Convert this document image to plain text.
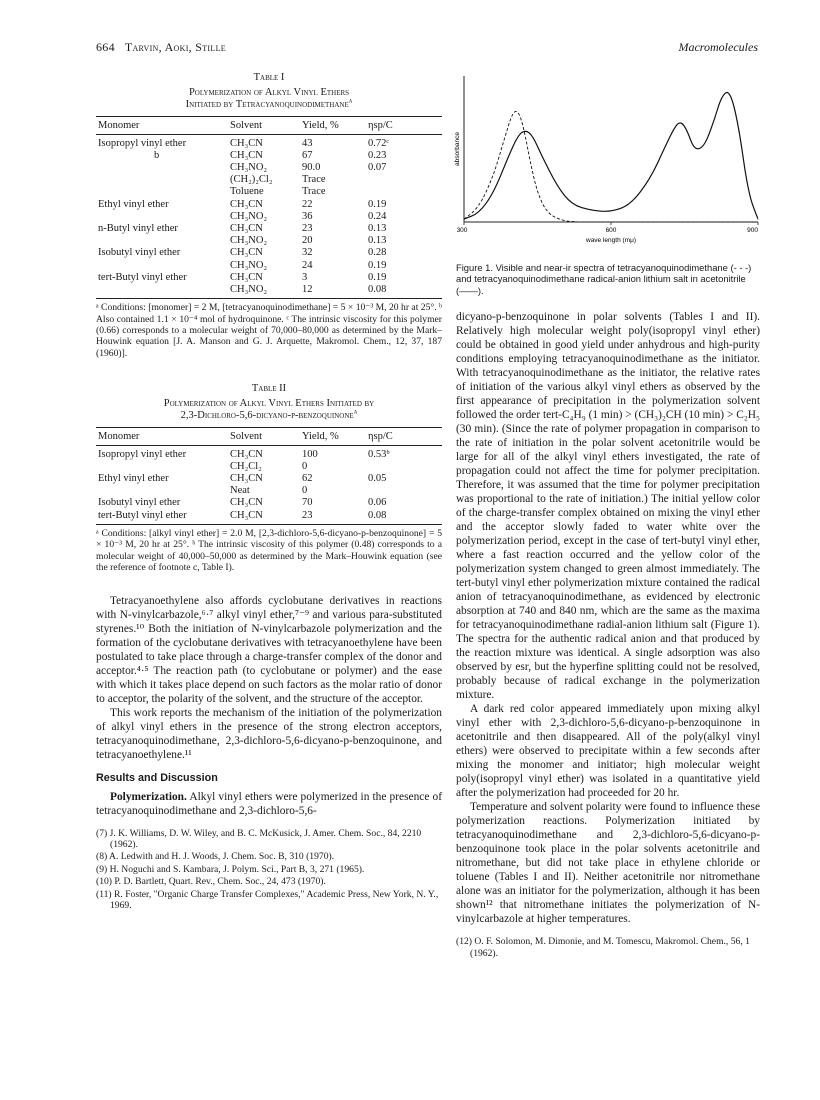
664 Tarvin, Aoki, Stille	Macromolecules
Table I
Polymerization of Alkyl Vinyl Ethers
Initiated by Tetracyanoquinodimethane$^a$
Monomer	Solvent	Yield, %	ηsp/C
Isopropyl vinyl ether	CH₃CN	43	0.72ᶜ
b	CH₃CN	67	0.23
	CH₃NO₂	90.0	0.07
	(CH₂)₂Cl₂	Trace	
	Toluene	Trace	
Ethyl vinyl ether	CH₃CN	22	0.19
	CH₃NO₂	36	0.24
n-Butyl vinyl ether	CH₃CN	23	0.13
	CH₃NO₂	20	0.13
Isobutyl vinyl ether	CH₃CN	32	0.28
	CH₃NO₂	24	0.19
tert-Butyl vinyl ether	CH₃CN	3	0.19
	CH₃NO₂	12	0.08
ᵃ Conditions: [monomer] = 2 M, [tetracyanoquinodimethane] = 5 × 10⁻³ M, 20 hr at 25°. ᵇ Also contained 1.1 × 10⁻⁴ mol of hydroquinone. ᶜ The intrinsic viscosity for this polymer (0.66) corresponds to a molecular weight of 70,000–80,000 as determined by the Mark–Houwink equation [J. A. Manson and G. J. Arquette, Makromol. Chem., 12, 37, 187 (1960)].
Table II
Polymerization of Alkyl Vinyl Ethers Initiated by
2,3-Dichloro-5,6-dicyano-p-benzoquinone$^a$
Monomer	Solvent	Yield, %	ηsp/C
Isopropyl vinyl ether	CH₃CN	100	0.53ᵇ
	CH₂Cl₂	0	
Ethyl vinyl ether	CH₃CN	62	0.05
	Neat	0	
Isobutyl vinyl ether	CH₃CN	70	0.06
tert-Butyl vinyl ether	CH₃CN	23	0.08
ᵃ Conditions: [alkyl vinyl ether] = 2.0 M, [2,3-dichloro-5,6-dicyano-p-benzoquinone] = 5 × 10⁻³ M, 20 hr at 25°. ᵇ The intrinsic viscosity of this polymer (0.48) corresponds to a molecular weight of 40,000–50,000 as determined by the Mark–Houwink equation (see the reference of footnote c, Table I).

Tetracyanoethylene also affords cyclobutane derivatives in reactions with N-vinylcarbazole,⁶·⁷ alkyl vinyl ether,⁷⁻⁹ and various para-substituted styrenes.¹⁰ Both the initiation of N-vinylcarbazole polymerization and the formation of the cyclobutane derivatives with tetracyanoethylene have been postulated to take place through a charge-transfer complex of the donor and acceptor.⁴·⁵ The reaction path (to cyclobutane or polymer) and the ease with which it takes place depend on such factors as the molar ratio of donor to acceptor, the polarity of the solvent, and the structure of the acceptor.

This work reports the mechanism of the initiation of the polymerization of alkyl vinyl ethers in the presence of the strong electron acceptors, tetracyanoquinodimethane, 2,3-dichloro-5,6-dicyano-p-benzoquinone, and tetracyanoethylene.¹¹

Results and Discussion

Polymerization. Alkyl vinyl ethers were polymerized in the presence of tetracyanoquinodimethane and 2,3-dichloro-5,6-

(7) J. K. Williams, D. W. Wiley, and B. C. McKusick, J. Amer. Chem. Soc., 84, 2210 (1962).
(8) A. Ledwith and H. J. Woods, J. Chem. Soc. B, 310 (1970).
(9) H. Noguchi and S. Kambara, J. Polym. Sci., Part B, 3, 271 (1965).
(10) P. D. Bartlett, Quart. Rev., Chem. Soc., 24, 473 (1970).
(11) R. Foster, "Organic Charge Transfer Complexes," Academic Press, New York, N. Y., 1969.
absorbance
wave length (mμ)
300	600	900
Figure 1. Visible and near-ir spectra of tetracyanoquinodimethane (- - -) and tetracyanoquinodimethane radical-anion lithium salt in acetonitrile (——).

dicyano-p-benzoquinone in polar solvents (Tables I and II). Relatively high molecular weight poly(isopropyl vinyl ether) could be obtained in good yield under anhydrous and high-purity conditions employing tetracyanoquinodimethane as the initiator. With tetracyanoquinodimethane as the initiator, the relative rates of initiation of the various alkyl vinyl ethers as observed by the first appearance of precipitation in the polymerization solvent followed the order tert-C₄H₉ (1 min) > (CH₃)₂CH (10 min) > C₂H₅ (30 min). (Since the rate of polymer propagation in comparison to the rate of initiation in the polar solvent acetonitrile would be large for all of the alkyl vinyl ethers investigated, the rate of propagation could not affect the time for polymer precipitation. Therefore, it was assumed that the time for polymer precipitation was proportional to the rate of initiation.) The initial yellow color of the charge-transfer complex obtained on mixing the vinyl ether and the acceptor slowly faded to water white over the polymerization period, except in the case of tert-butyl vinyl ether, where a fast reaction occurred and the yellow color of the polymerization system changed to green almost immediately. The tert-butyl vinyl ether polymerization mixture contained the radical anion of tetracyanoquinodimethane, as evidenced by electronic absorption at 740 and 840 nm, which are the same as the maxima for tetracyanoquinodimethane radial-anion lithium salt (Figure 1). The spectra for the authentic radical anion and that produced by the reaction mixture was identical. A single adsorption was also observed by esr, but the hyperfine splitting could not be resolved, probably because of radical exchange in the polymerization mixture.

A dark red color appeared immediately upon mixing alkyl vinyl ether with 2,3-dichloro-5,6-dicyano-p-benzoquinone in acetonitrile and then disappeared. All of the poly(alkyl vinyl ethers) were observed to precipitate within a few seconds after mixing the monomer and initiator; high molecular weight poly(isopropyl vinyl ether) was isolated in a quantitative yield after the polymerization had proceeded for 20 hr.

Temperature and solvent polarity were found to influence these polymerization reactions. Polymerization initiated by tetracyanoquinodimethane and 2,3-dichloro-5,6-dicyano-p-benzoquinone took place in the polar solvents acetonitrile and nitromethane, but did not take place in ethylene chloride or toluene (Tables I and II). Neither acetonitrile nor nitromethane alone was an initiator for the polymerization, although it has been shown¹² that nitromethane initiates the polymerization of N-vinylcarbazole at higher temperatures.

(12) O. F. Solomon, M. Dimonie, and M. Tomescu, Makromol. Chem., 56, 1 (1962).
